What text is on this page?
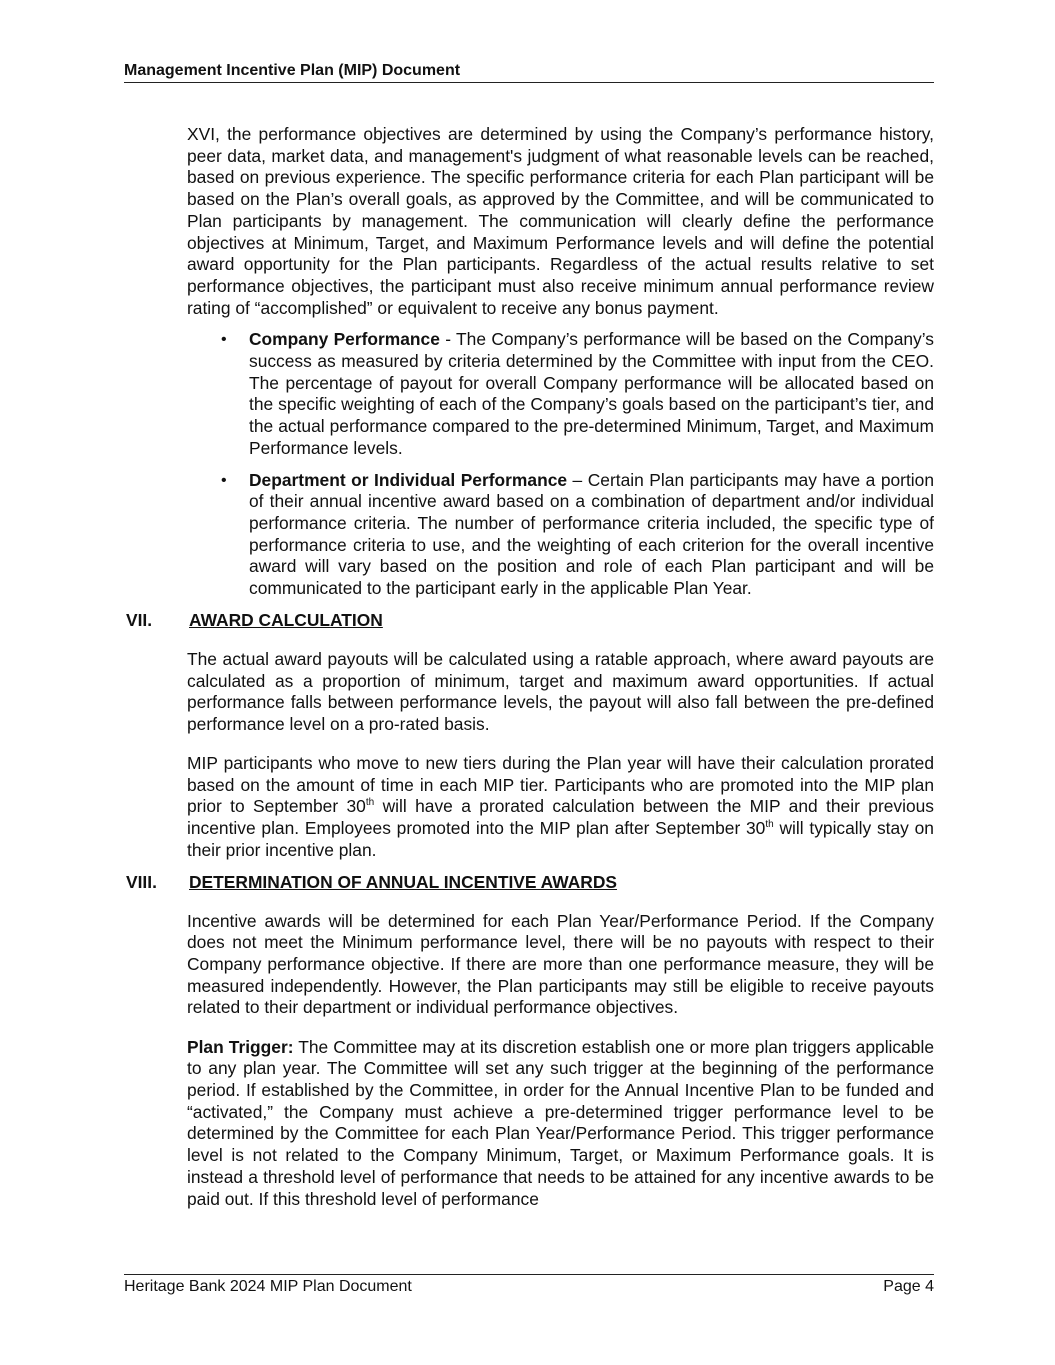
Management Incentive Plan (MIP) Document

XVI, the performance objectives are determined by using the Company’s performance history, peer data, market data, and management's judgment of what reasonable levels can be reached, based on previous experience. The specific performance criteria for each Plan participant will be based on the Plan’s overall goals, as approved by the Committee, and will be communicated to Plan participants by management. The communication will clearly define the performance objectives at Minimum, Target, and Maximum Performance levels and will define the potential award opportunity for the Plan participants. Regardless of the actual results relative to set performance objectives, the participant must also receive minimum annual performance review rating of “accomplished” or equivalent to receive any bonus payment.

• Company Performance - The Company’s performance will be based on the Company’s success as measured by criteria determined by the Committee with input from the CEO. The percentage of payout for overall Company performance will be allocated based on the specific weighting of each of the Company’s goals based on the participant’s tier, and the actual performance compared to the pre-determined Minimum, Target, and Maximum Performance levels.
• Department or Individual Performance – Certain Plan participants may have a portion of their annual incentive award based on a combination of department and/or individual performance criteria. The number of performance criteria included, the specific type of performance criteria to use, and the weighting of each criterion for the overall incentive award will vary based on the position and role of each Plan participant and will be communicated to the participant early in the applicable Plan Year.
VII.	AWARD CALCULATION

The actual award payouts will be calculated using a ratable approach, where award payouts are calculated as a proportion of minimum, target and maximum award opportunities. If actual performance falls between performance levels, the payout will also fall between the pre-defined performance level on a pro-rated basis.

MIP participants who move to new tiers during the Plan year will have their calculation prorated based on the amount of time in each MIP tier. Participants who are promoted into the MIP plan prior to September 30th will have a prorated calculation between the MIP and their previous incentive plan. Employees promoted into the MIP plan after September 30th will typically stay on their prior incentive plan.

VIII.	DETERMINATION OF ANNUAL INCENTIVE AWARDS

Incentive awards will be determined for each Plan Year/Performance Period. If the Company does not meet the Minimum performance level, there will be no payouts with respect to their Company performance objective. If there are more than one performance measure, they will be measured independently. However, the Plan participants may still be eligible to receive payouts related to their department or individual performance objectives.

Plan Trigger: The Committee may at its discretion establish one or more plan triggers applicable to any plan year. The Committee will set any such trigger at the beginning of the performance period. If established by the Committee, in order for the Annual Incentive Plan to be funded and “activated,” the Company must achieve a pre-determined trigger performance level to be determined by the Committee for each Plan Year/Performance Period. This trigger performance level is not related to the Company Minimum, Target, or Maximum Performance goals. It is instead a threshold level of performance that needs to be attained for any incentive awards to be paid out. If this threshold level of performance

Heritage Bank 2024 MIP Plan Document	Page 4
